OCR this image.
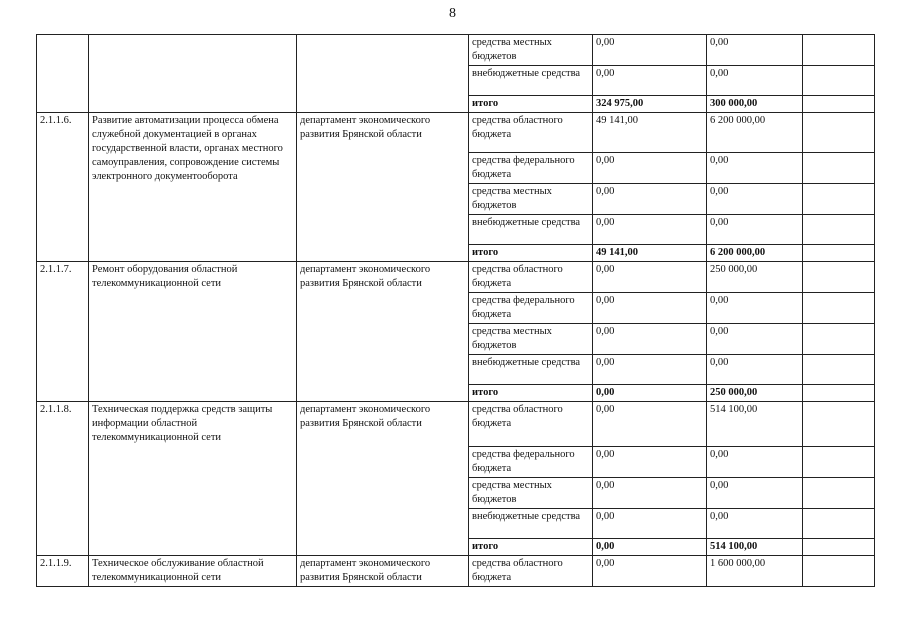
8
			средства местных бюджетов	0,00	0,00	
			внебюджетные средства	0,00	0,00	
			итого	324 975,00	300 000,00	
2.1.1.6.	Развитие автоматизации процесса обмена служебной документацией в органах государственной власти, органах местного самоуправления, сопровождение системы электронного документооборота	департамент экономического развития Брянской области	средства областного бюджета	49 141,00	6 200 000,00	
			средства федерального бюджета	0,00	0,00	
			средства местных бюджетов	0,00	0,00	
			внебюджетные средства	0,00	0,00	
			итого	49 141,00	6 200 000,00	
2.1.1.7.	Ремонт оборудования областной телекоммуникационной сети	департамент экономического развития Брянской области	средства областного бюджета	0,00	250 000,00	
			средства федерального бюджета	0,00	0,00	
			средства местных бюджетов	0,00	0,00	
			внебюджетные средства	0,00	0,00	
			итого	0,00	250 000,00	
2.1.1.8.	Техническая поддержка средств защиты информации областной телекоммуникационной сети	департамент экономического развития Брянской области	средства областного бюджета	0,00	514 100,00	
			средства федерального бюджета	0,00	0,00	
			средства местных бюджетов	0,00	0,00	
			внебюджетные средства	0,00	0,00	
			итого	0,00	514 100,00	
2.1.1.9.	Техническое обслуживание областной телекоммуникационной сети	департамент экономического развития Брянской области	средства областного бюджета	0,00	1 600 000,00	
